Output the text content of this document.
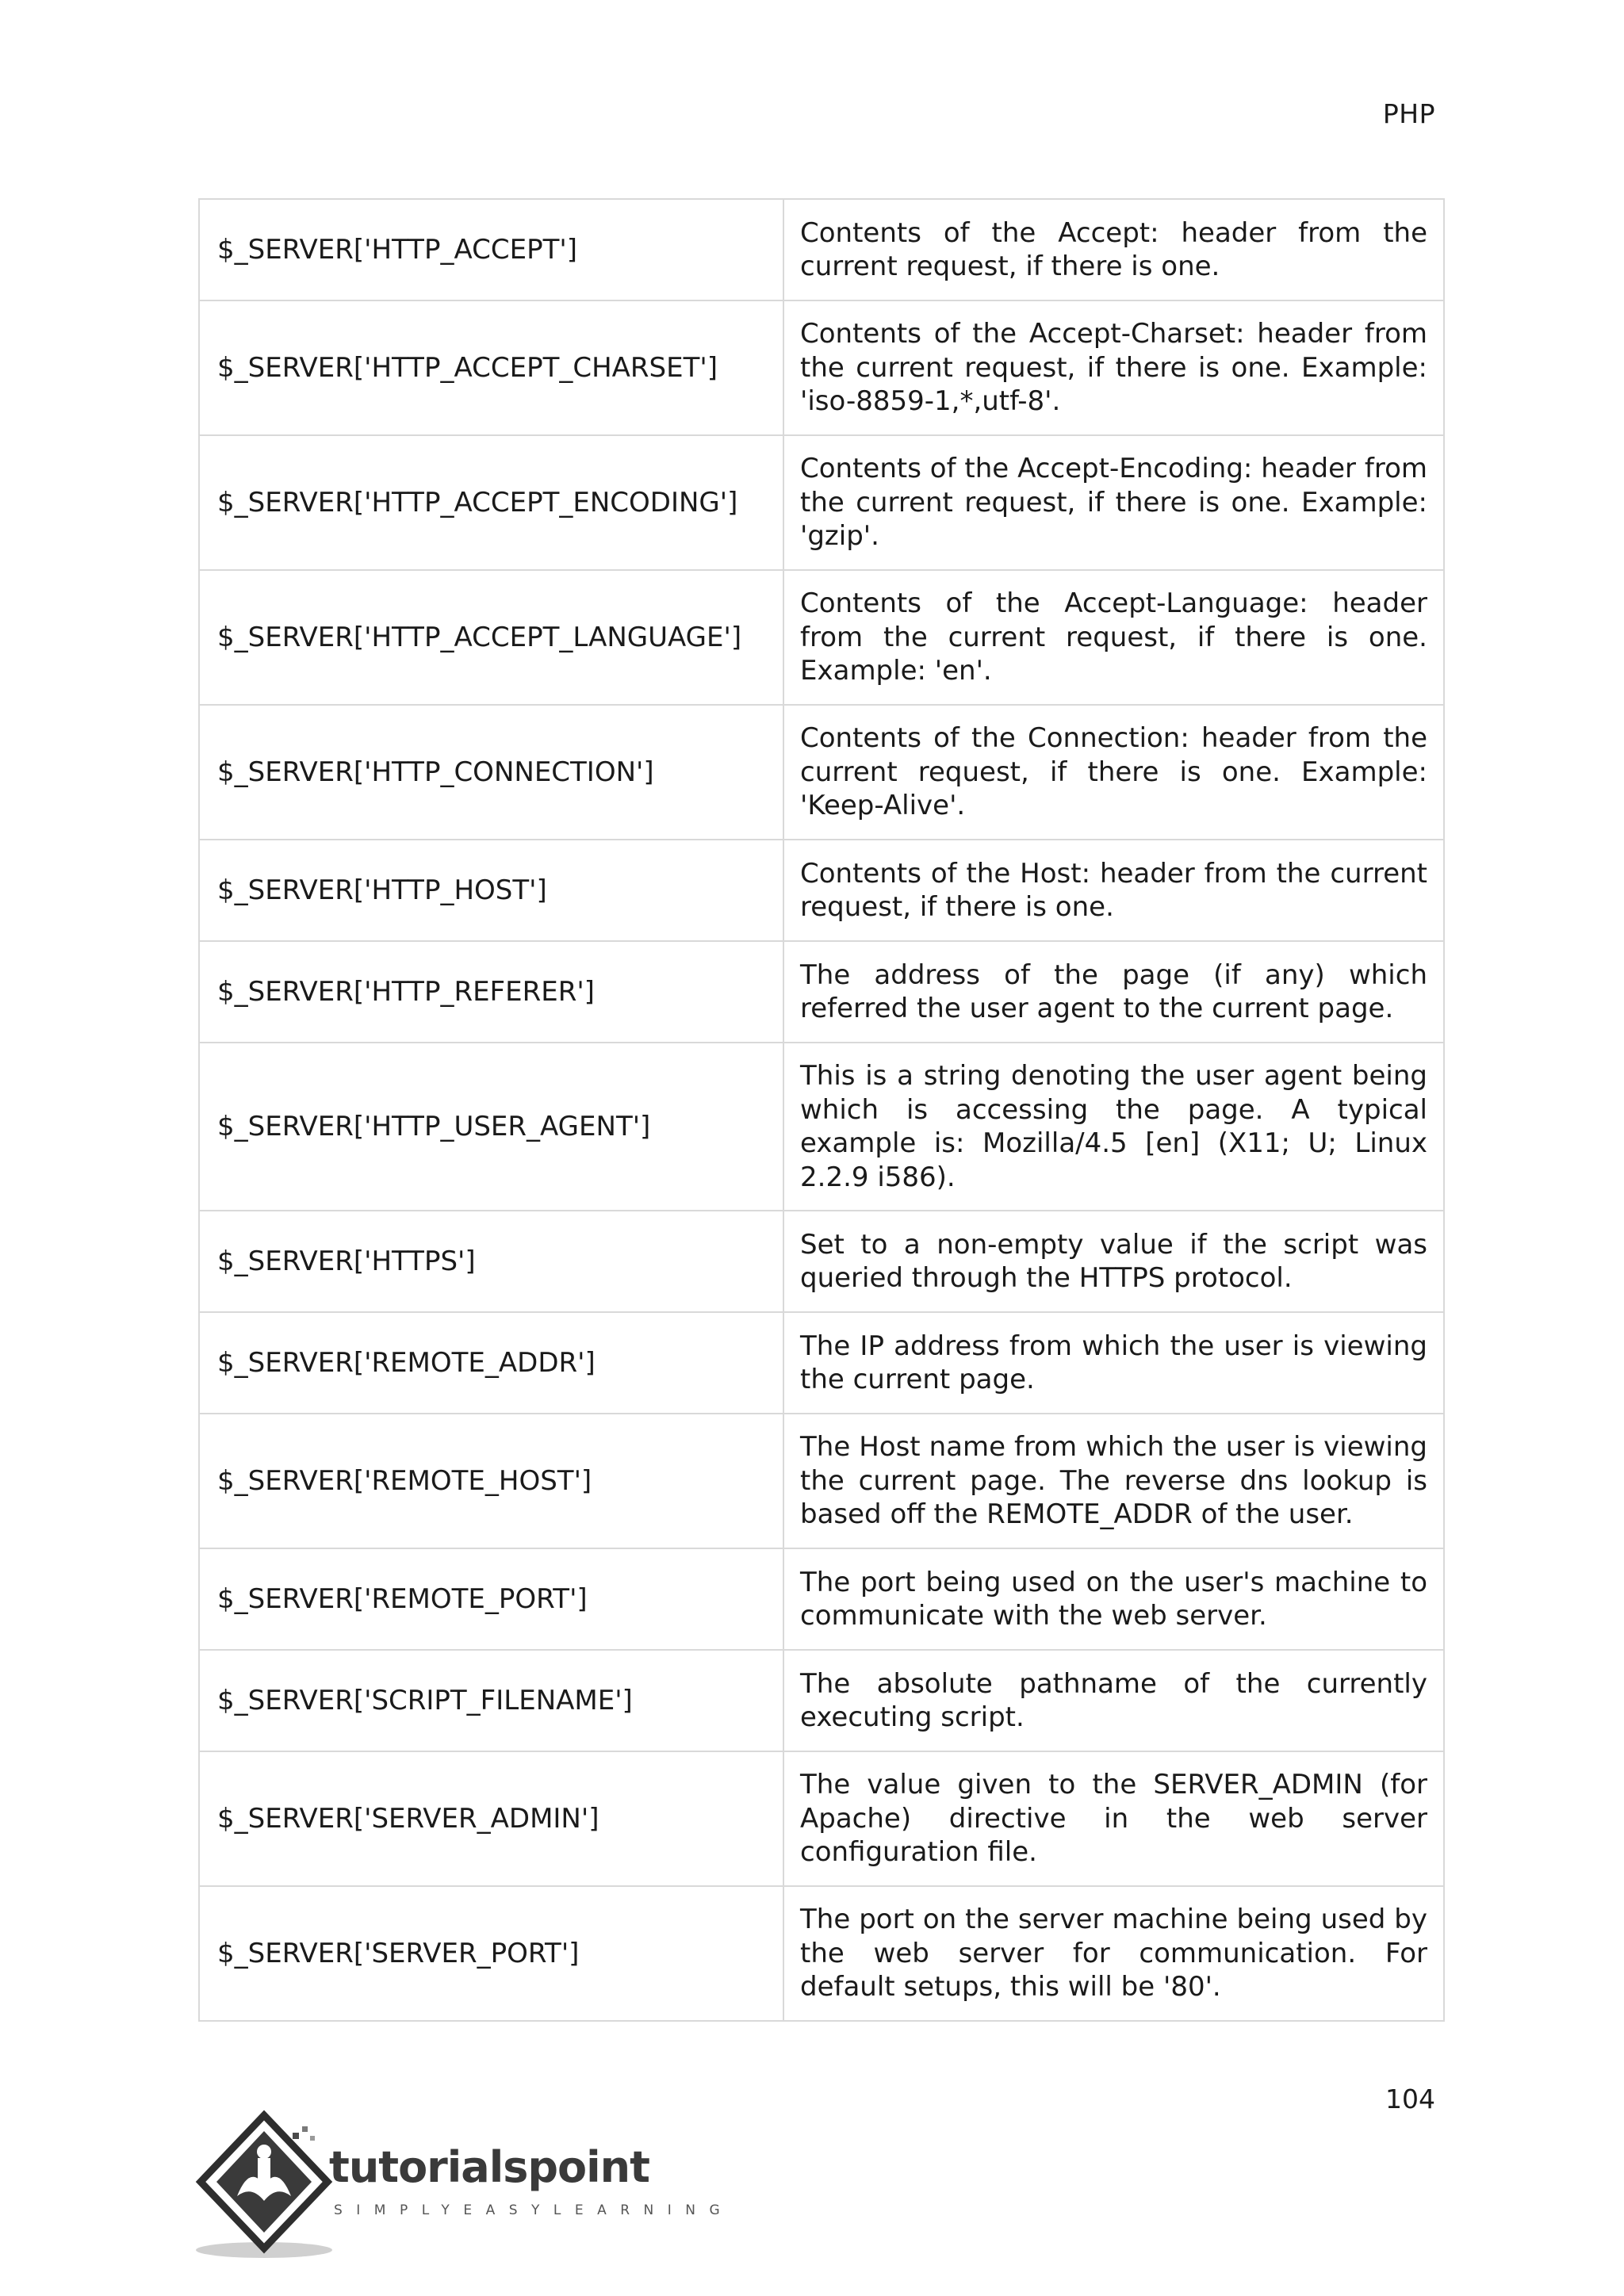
PHP
$_SERVER['HTTP_ACCEPT']	Contents of the Accept: header from the current request, if there is one.
$_SERVER['HTTP_ACCEPT_CHARSET']	Contents of the Accept-Charset: header from the current request, if there is one. Example: 'iso-8859-1,*,utf-8'.
$_SERVER['HTTP_ACCEPT_ENCODING']	Contents of the Accept-Encoding: header from the current request, if there is one. Example: 'gzip'.
$_SERVER['HTTP_ACCEPT_LANGUAGE']	Contents of the Accept-Language: header from the current request, if there is one. Example: 'en'.
$_SERVER['HTTP_CONNECTION']	Contents of the Connection: header from the current request, if there is one. Example: 'Keep-Alive'.
$_SERVER['HTTP_HOST']	Contents of the Host: header from the current request, if there is one.
$_SERVER['HTTP_REFERER']	The address of the page (if any) which referred the user agent to the current page.
$_SERVER['HTTP_USER_AGENT']	This is a string denoting the user agent being which is accessing the page. A typical example is: Mozilla/4.5 [en] (X11; U; Linux 2.2.9 i586).
$_SERVER['HTTPS']	Set to a non-empty value if the script was queried through the HTTPS protocol.
$_SERVER['REMOTE_ADDR']	The IP address from which the user is viewing the current page.
$_SERVER['REMOTE_HOST']	The Host name from which the user is viewing the current page. The reverse dns lookup is based off the REMOTE_ADDR of the user.
$_SERVER['REMOTE_PORT']	The port being used on the user's machine to communicate with the web server.
$_SERVER['SCRIPT_FILENAME']	The absolute pathname of the currently executing script.
$_SERVER['SERVER_ADMIN']	The value given to the SERVER_ADMIN (for Apache) directive in the web server configuration file.
$_SERVER['SERVER_PORT']	The port on the server machine being used by the web server for communication. For default setups, this will be '80'.
104
tutorialspoint
SIMPLYEASYLEARNING
